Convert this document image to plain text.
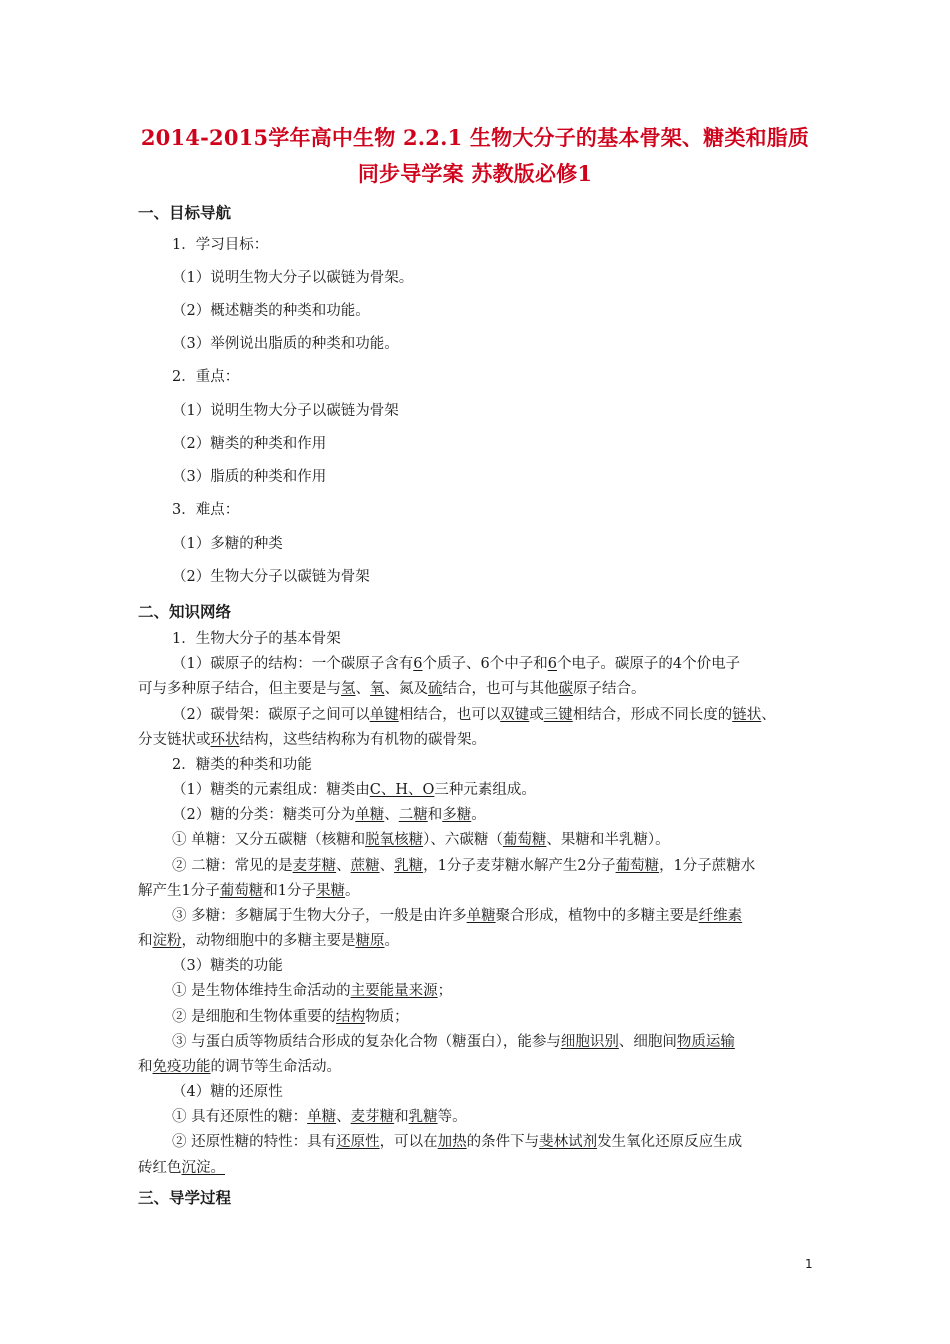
2014-2015学年高中生物 2.2.1 生物大分子的基本骨架、糖类和脂质
同步导学案 苏教版必修1
一、目标导航
1．学习目标：
（1）说明生物大分子以碳链为骨架。
（2）概述糖类的种类和功能。
（3）举例说出脂质的种类和功能。
2．重点：
（1）说明生物大分子以碳链为骨架
（2）糖类的种类和作用
（3）脂质的种类和作用
3．难点：
（1）多糖的种类
（2）生物大分子以碳链为骨架
二、知识网络
1．生物大分子的基本骨架
（1）碳原子的结构：一个碳原子含有6个质子、6个中子和6个电子。碳原子的4个价电子
可与多种原子结合，但主要是与氢、氧、氮及硫结合，也可与其他碳原子结合。
（2）碳骨架：碳原子之间可以单键相结合，也可以双键或三键相结合，形成不同长度的链状、
分支链状或环状结构，这些结构称为有机物的碳骨架。
2．糖类的种类和功能
（1）糖类的元素组成：糖类由C、H、O三种元素组成。
（2）糖的分类：糖类可分为单糖、二糖和多糖。
① 单糖：又分五碳糖（核糖和脱氧核糖）、六碳糖（葡萄糖、果糖和半乳糖）。
② 二糖：常见的是麦芽糖、蔗糖、乳糖，1分子麦芽糖水解产生2分子葡萄糖，1分子蔗糖水
解产生1分子葡萄糖和1分子果糖。
③ 多糖：多糖属于生物大分子，一般是由许多单糖聚合形成，植物中的多糖主要是纤维素
和淀粉，动物细胞中的多糖主要是糖原。
（3）糖类的功能
① 是生物体维持生命活动的主要能量来源；
② 是细胞和生物体重要的结构物质；
③ 与蛋白质等物质结合形成的复杂化合物（糖蛋白），能参与细胞识别、细胞间物质运输
和免疫功能的调节等生命活动。
（4）糖的还原性
① 具有还原性的糖：单糖、麦芽糖和乳糖等。
② 还原性糖的特性：具有还原性，可以在加热的条件下与斐林试剂发生氧化还原反应生成
砖红色沉淀。
三、导学过程
1
